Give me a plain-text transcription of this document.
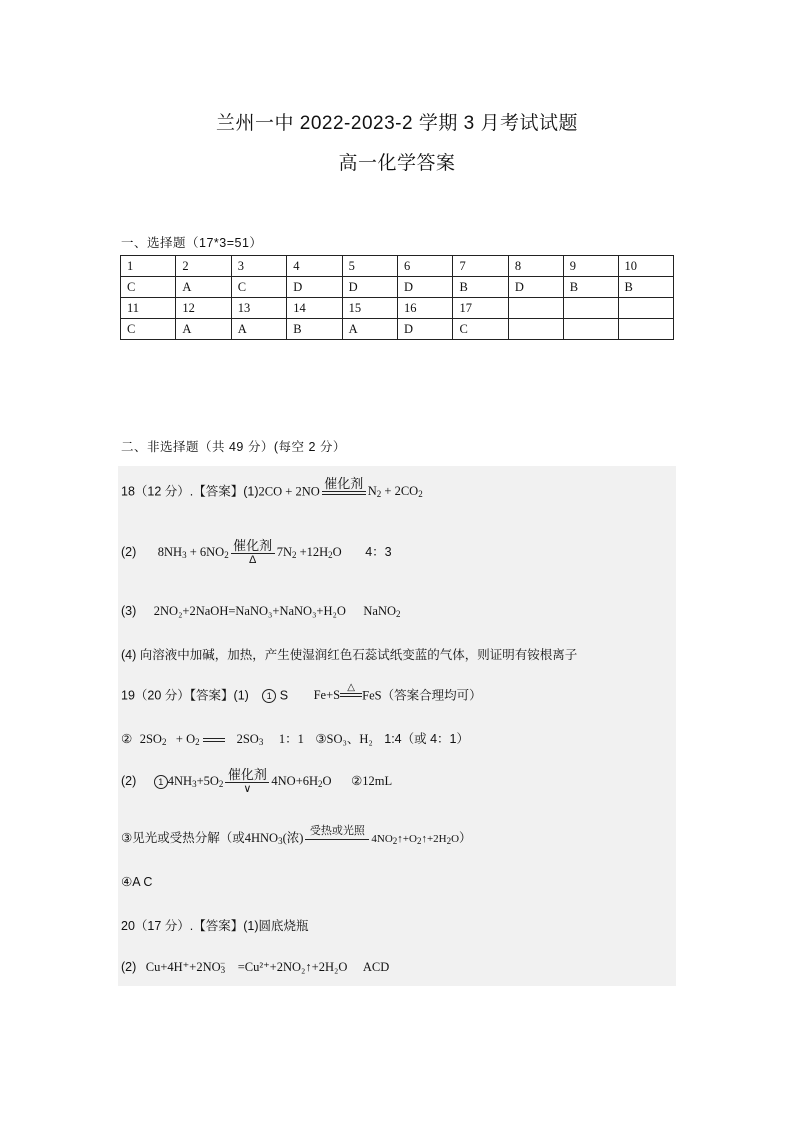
兰州一中 2022-2023-2 学期 3 月考试试题
高一化学答案
一、选择题（17*3=51）
1	2	3	4	5	6	7	8	9	10
C	A	C	D	D	D	B	D	B	B
11	12	13	14	15	16	17			
C	A	A	B	A	D	C			
二、非选择题（共 49 分）(每空 2 分）
18（12 分）.【答案】(1)2CO + 2NO
催化剂

$N_2 + 2CO_2$
(2) $8NH_3 + 6NO_2$
催化剂
Δ
$7N_2 +12H_2O$ 4：3
(3) 2NO₂+2NaOH=NaNO₃+NaNO₃+H₂O NaNO$_2$
(4) 向溶液中加碱，加热，产生使湿润红色石蕊试纸变蓝的气体，则证明有铵根离子
19（20 分）【答案】(1) 1 S Fe+S
△

FeS（答案合理均可）
② $2SO_2 + O_2$	$2SO_3$ 1：1 ③SO₃、H₂ 1:4（或 4：1）
(2) 1 $4NH_3+5O_2$
催化剂
∨
$4NO+6H_2O$ ②12mL
③见光或受热分解（或$4HNO_3$(浓) 受热或光照

$4NO_2↑+O_2↑+2H_2O$）
④A C
20（17 分）.【答案】(1)圆底烧瓶
(2) $Cu+4H^++2NO_3^-$ =Cu²⁺+2NO₂↑+2H₂O ACD
